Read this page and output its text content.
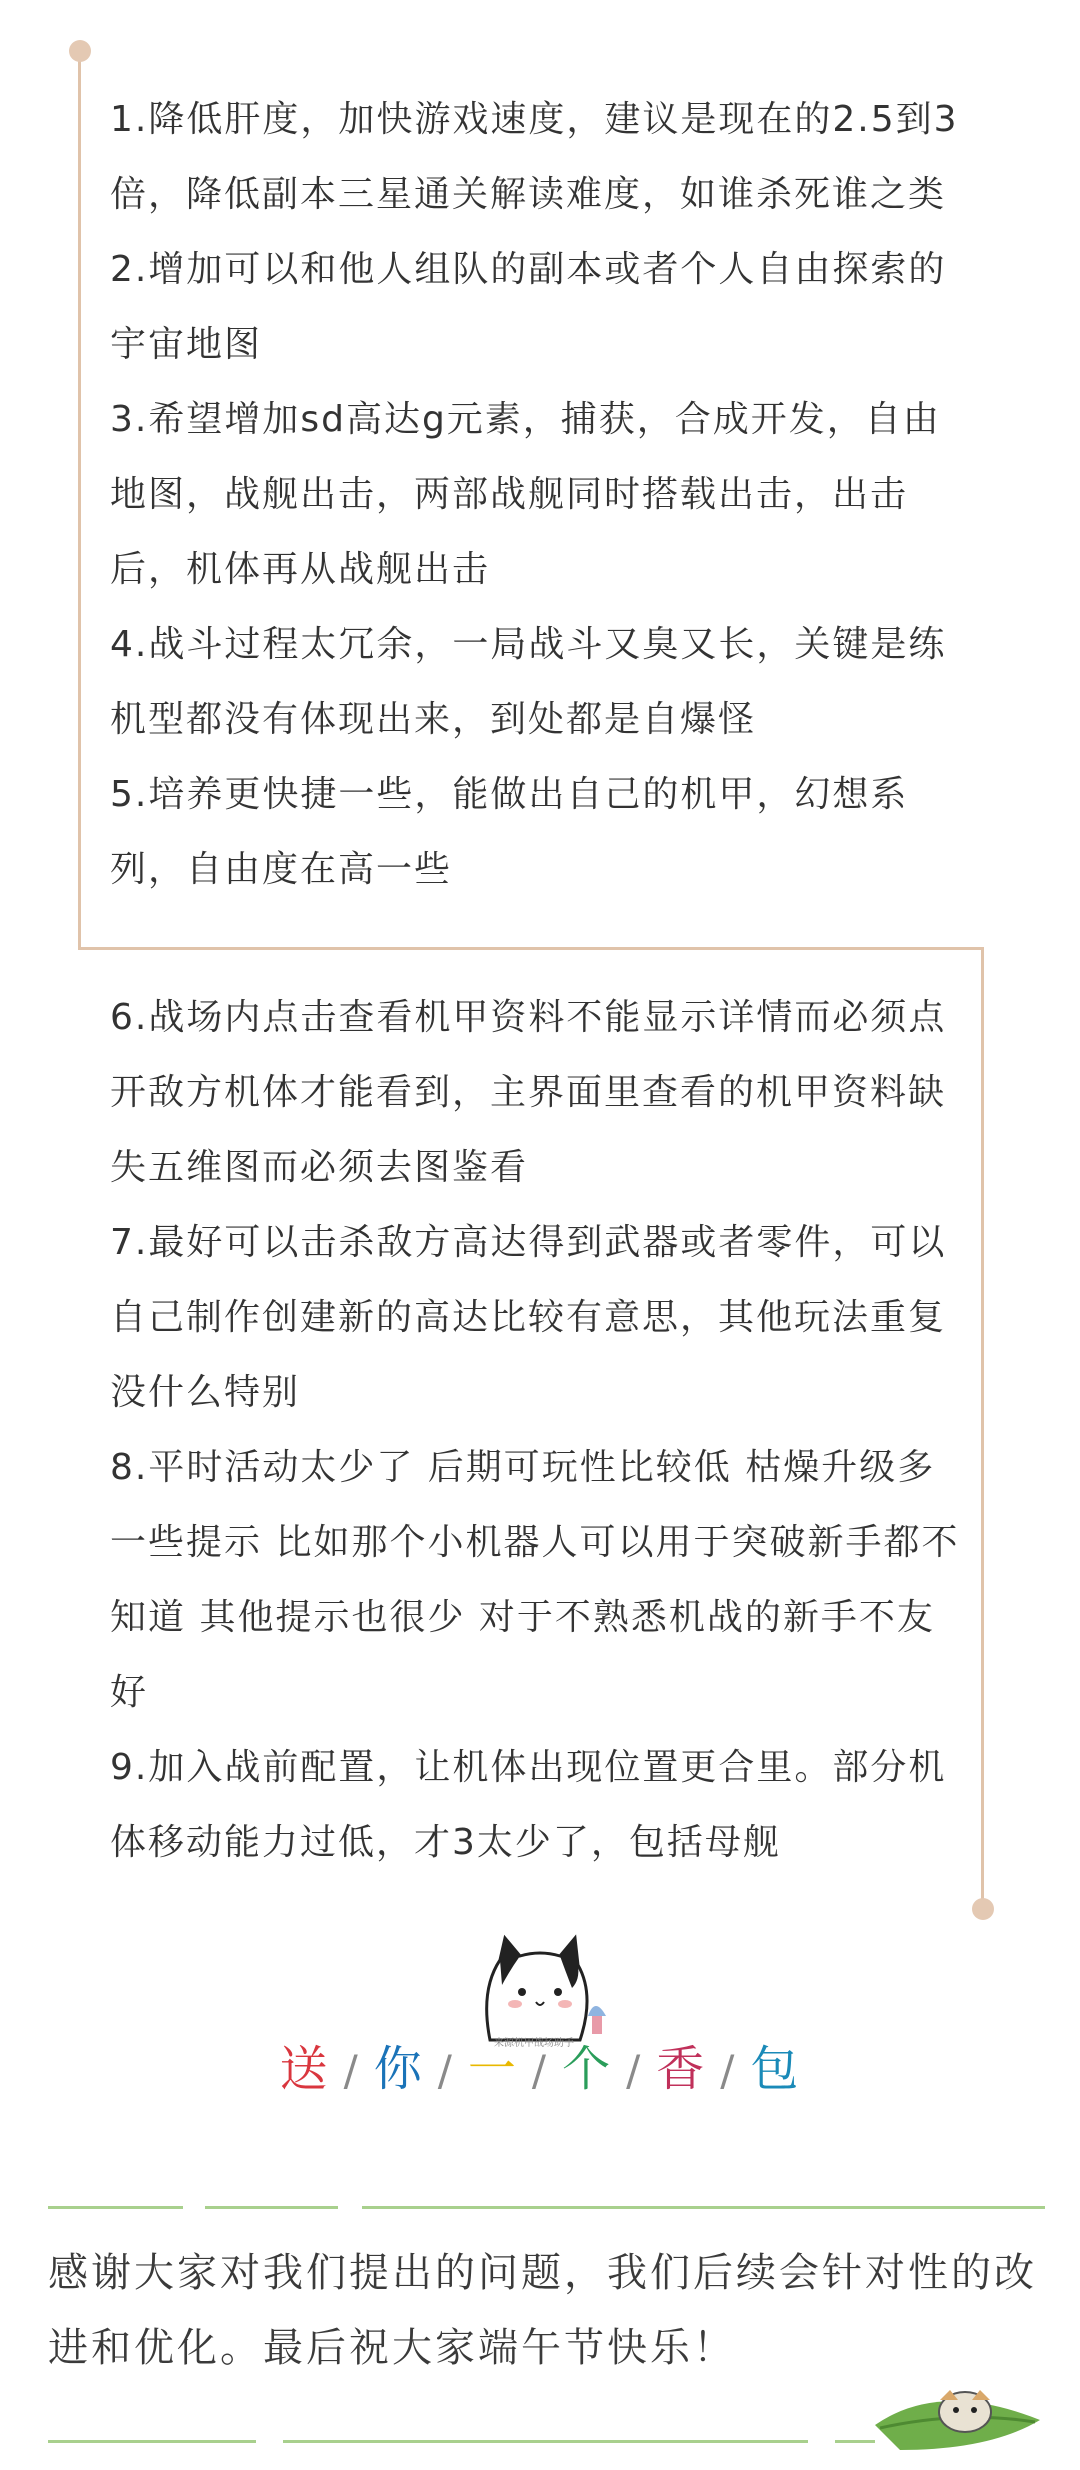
1.降低肝度，加快游戏速度，建议是现在的2.5到3倍，降低副本三星通关解读难度，如谁杀死谁之类

2.增加可以和他人组队的副本或者个人自由探索的宇宙地图

3.希望增加sd高达g元素，捕获，合成开发，自由地图，战舰出击，两部战舰同时搭载出击，出击后，机体再从战舰出击

4.战斗过程太冗余，一局战斗又臭又长，关键是练机型都没有体现出来，到处都是自爆怪

5.培养更快捷一些，能做出自己的机甲，幻想系列，自由度在高一些

6.战场内点击查看机甲资料不能显示详情而必须点开敌方机体才能看到，主界面里查看的机甲资料缺失五维图而必须去图鉴看

7.最好可以击杀敌方高达得到武器或者零件，可以自己制作创建新的高达比较有意思，其他玩法重复没什么特别

8.平时活动太少了 后期可玩性比较低 枯燥升级多一些提示 比如那个小机器人可以用于突破新手都不知道 其他提示也很少 对于不熟悉机战的新手不友好

9.加入战前配置，让机体出现位置更合里。部分机体移动能力过低，才3太少了，包括母舰

来源机甲战场助手
送 / 你 / 一 / 个 / 香 / 包

感谢大家对我们提出的问题，我们后续会针对性的改进和优化。最后祝大家端午节快乐！
